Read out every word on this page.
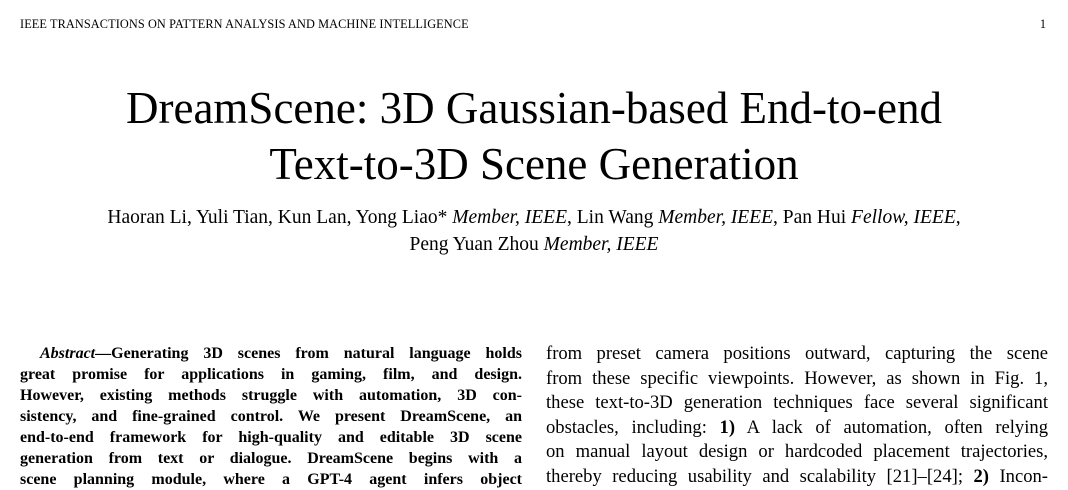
IEEE TRANSACTIONS ON PATTERN ANALYSIS AND MACHINE INTELLIGENCE	1
DreamScene: 3D Gaussian-based End-to-end
Text-to-3D Scene Generation
Haoran Li, Yuli Tian, Kun Lan, Yong Liao* Member, IEEE, Lin Wang Member, IEEE, Pan Hui Fellow, IEEE,
Peng Yuan Zhou Member, IEEE
Abstract—Generating 3D scenes from natural language holds
great promise for applications in gaming, film, and design.
However, existing methods struggle with automation, 3D con-
sistency, and fine-grained control. We present DreamScene, an
end-to-end framework for high-quality and editable 3D scene
generation from text or dialogue. DreamScene begins with a
scene planning module, where a GPT-4 agent infers object
from preset camera positions outward, capturing the scene
from these specific viewpoints. However, as shown in Fig. 1,
these text-to-3D generation techniques face several significant
obstacles, including: 1) A lack of automation, often relying
on manual layout design or hardcoded placement trajectories,
thereby reducing usability and scalability [21]–[24]; 2) Incon-
